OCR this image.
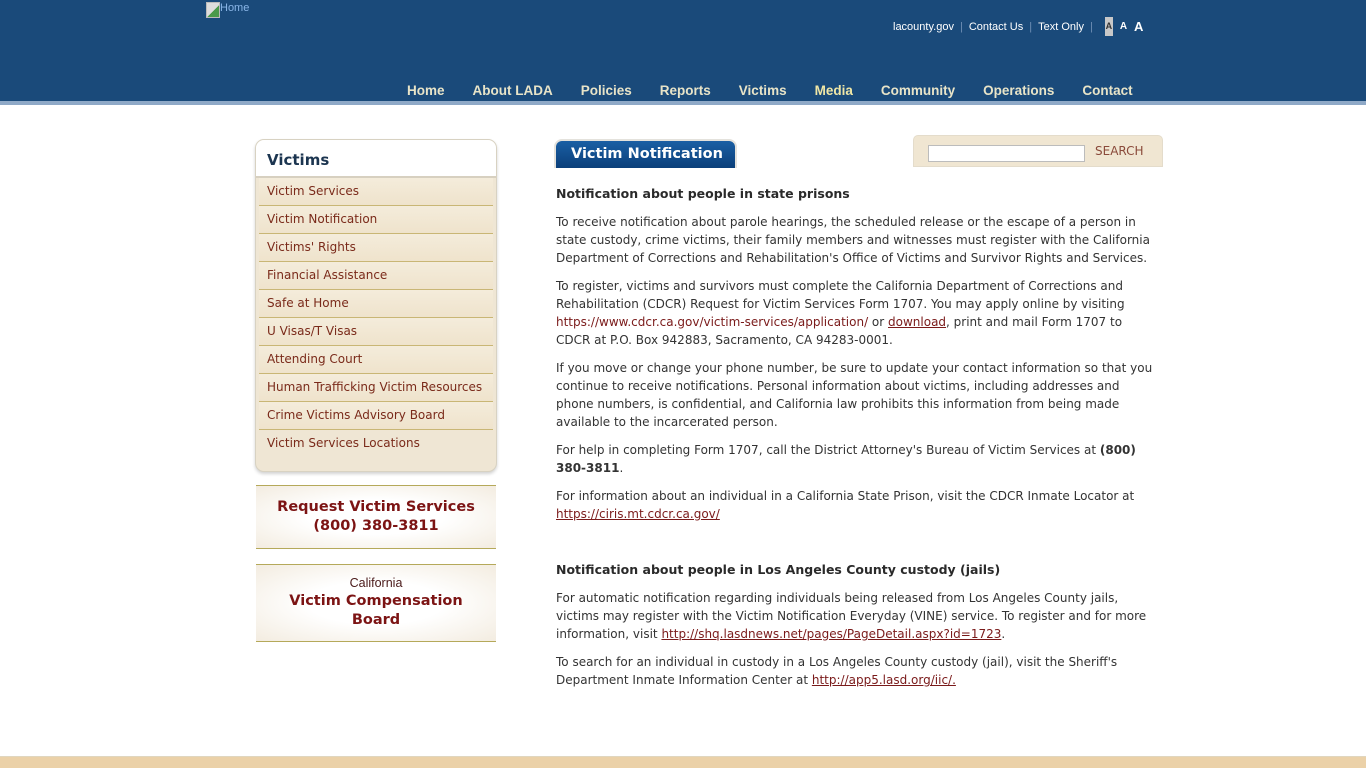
Home
lacounty.gov | Contact Us | Text Only | A A A
Home	About LADA	Policies	Reports	Victims	Media	Community	Operations	Contact
Victims
Victim Services
Victim Notification
Victims' Rights
Financial Assistance
Safe at Home
U Visas/T Visas
Attending Court
Human Trafficking Victim Resources
Crime Victims Advisory Board
Victim Services Locations
Request Victim Services
(800) 380-3811
California
Victim Compensation
Board
Victim Notification	SEARCH
Notification about people in state prisons

To receive notification about parole hearings, the scheduled release or the escape of a person in state custody, crime victims, their family members and witnesses must register with the California Department of Corrections and Rehabilitation's Office of Victims and Survivor Rights and Services.

To register, victims and survivors must complete the California Department of Corrections and Rehabilitation (CDCR) Request for Victim Services Form 1707. You may apply online by visiting https://www.cdcr.ca.gov/victim-services/application/ or download, print and mail Form 1707 to CDCR at P.O. Box 942883, Sacramento, CA 94283-0001.

If you move or change your phone number, be sure to update your contact information so that you continue to receive notifications. Personal information about victims, including addresses and phone numbers, is confidential, and California law prohibits this information from being made available to the incarcerated person.

For help in completing Form 1707, call the District Attorney's Bureau of Victim Services at (800) 380-3811.

For information about an individual in a California State Prison, visit the CDCR Inmate Locator at https://ciris.mt.cdcr.ca.gov/

Notification about people in Los Angeles County custody (jails)

For automatic notification regarding individuals being released from Los Angeles County jails, victims may register with the Victim Notification Everyday (VINE) service. To register and for more information, visit http://shq.lasdnews.net/pages/PageDetail.aspx?id=1723.

To search for an individual in custody in a Los Angeles County custody (jail), visit the Sheriff's Department Inmate Information Center at http://app5.lasd.org/iic/.
